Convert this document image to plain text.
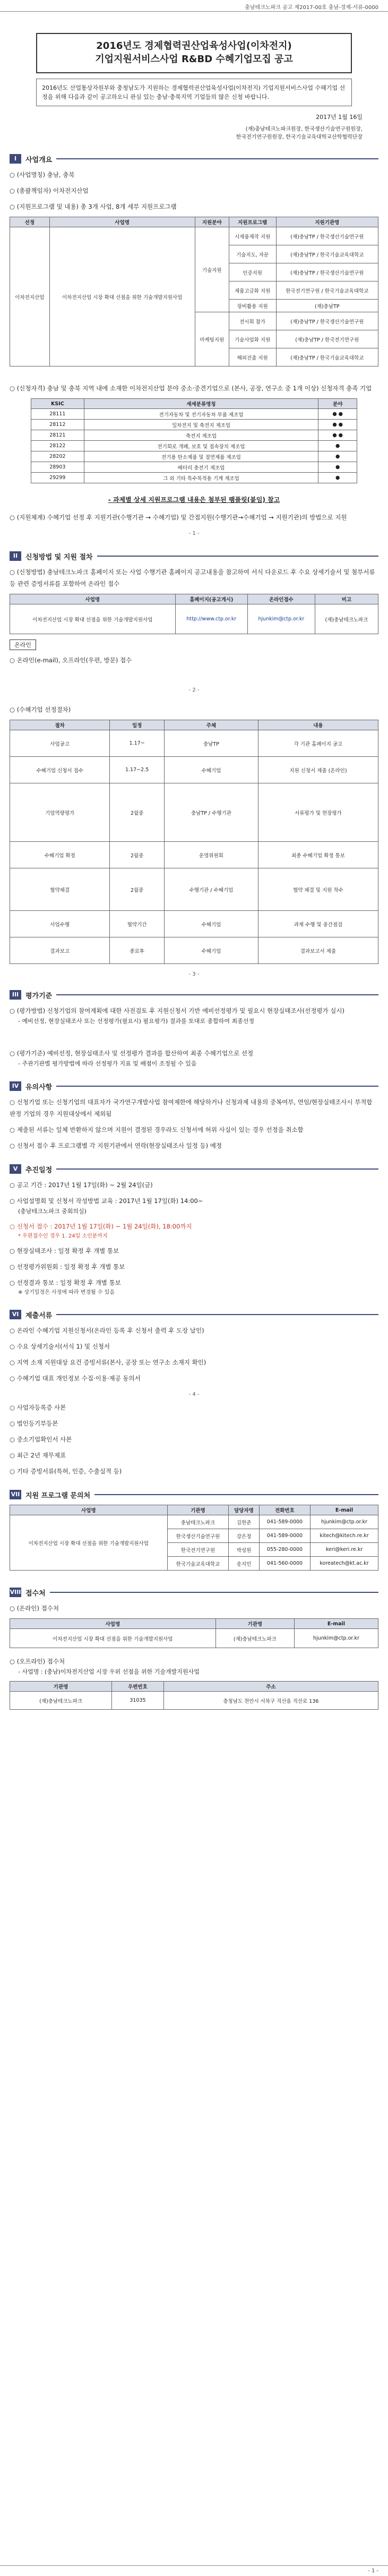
충남테크노파크 공고 제2017-00호 충남-경제-서류-0000
2016년도 경제협력권산업육성사업(이차전지)
기업지원서비스사업 R&BD 수혜기업모집 공고
2016년도 산업통상자원부와 충청남도가 지원하는 경제협력권산업육성사업(이차전지) 기업지원서비스사업 수혜기업 선정을 위해 다음과 같이 공고하오니 관심 있는 충남·충북지역 기업들의 많은 신청 바랍니다.
2017년 1월 16일
(재)충남테크노파크원장, 한국생산기술연구원원장,
한국전기연구원원장, 한국기술교육대학교산학협력단장
I	사업개요
○ (사업명칭) 충남, 충북
○ (총괄책임자) 이차전지산업
○ (지원프로그램 및 내용) 총 3개 사업, 8개 세부 지원프로그램
선정	사업명	지원분야	지원프로그램	지원기관명
이차전지산업	이차전지산업 시장 확대 선점을 위한 기술개발지원사업	기술지원	시제품제작 지원	(재)충남TP / 한국생산기술연구원
			기술지도, 자문	(재)충남TP / 한국기술교육대학교
			인증지원	(재)충남TP / 한국생산기술연구원
			제품고급화 지원	한국전기연구원 / 한국기술교육대학교
			장비활용 지원	(재)충남TP
		마케팅지원	전시회 참가	(재)충남TP / 한국생산기술연구원
			기술사업화 지원	(재)충남TP / 한국전기연구원
			해외진출 지원	(재)충남TP / 한국기술교육대학교
○ (신청자격) 충남 및 충북 지역 내에 소재한 이차전지산업 분야 중소·중견기업으로 (본사, 공장, 연구소 중 1개 이상) 신청자격 충족 기업
KSIC	세세분류명칭	분야
28111	전기자동차 및 전기자동차 부품 제조업	● ●
28112	일차전지 및 축전지 제조업	● ●
28121	축전지 제조업	● ●
28122	전기회로 개폐, 보호 및 접속장치 제조업	●
28202	전기용 탄소제품 및 절연제품 제조업	●
28903	배터리 충전기 제조업	●
29299	그 외 기타 특수목적용 기계 제조업	●
- 과제별 상세 지원프로그램 내용은 첨부된 팸플릿(붙임) 참고
○ (지원체계) 수혜기업 선정 후 지원기관(수행기관 → 수혜기업) 및 간접지원(수행기관→수혜기업 → 지원기관)의 방법으로 지원
- 1 -
II	신청방법 및 지원 절차
○ (신청방법) 충남테크노파크 홈페이지 또는 사업 수행기관 홈페이지 공고내용을 참고하여 서식 다운로드 후 수요 상세기술서 및 첨부서류 등 관련 증빙서류를 포함하여 온라인 접수
사업명	홈페이지(공고게시)	온라인접수	비고
이차전지산업 시장 확대 선점을 위한 기술개발지원사업	http://www.ctp.or.kr	hjunkim@ctp.or.kr	(재)충남테크노파크
온라인
○ 온라인(e-mail), 오프라인(우편, 방문) 접수
- 2 -
○ (수혜기업 선정절차)
절차	일정	주체	내용
사업공고	1.17~	충남TP	각 기관 홈페이지 공고
수혜기업 신청서 접수	1.17~2.5	수혜기업	지원 신청서 제출 (온라인)
기업역량평가	2월중	충남TP / 수행기관	서류평가 및 현장평가
수혜기업 확정	2월중	운영위원회	최종 수혜기업 확정 통보
협약체결	2월중	수행기관 / 수혜기업	협약 체결 및 지원 착수
사업수행	협약기간	수혜기업	과제 수행 및 중간점검
결과보고	종료후	수혜기업	결과보고서 제출
- 3 -
III 평가기준
○ (평가방법) 신청기업의 참여계획에 대한 사전검토 후 지원신청서 기반 예비선정평가 및 필요시 현장실태조사(선정평가 실시)
- 예비선정, 현장실태조사 또는 선정평가(필요시) 필요평가) 결과를 토대로 종합하여 최종선정
○ (평가기준) 예비선정, 현장실태조사 및 선정평가 결과를 합산하여 최종 수혜기업으로 선정
- 주관기관별 평가방법에 따라 선정평가 지표 및 배점이 조정될 수 있음
IV 유의사항
○ 신청기업 또는 신청기업의 대표자가 국가연구개발사업 참여제한에 해당하거나 신청과제 내용의 중복여부, 연임/현장실태조사시 부적합 판정 기업의 경우 지원대상에서 제외됨
○ 제출된 서류는 일체 반환하지 않으며 지원이 결정된 경우라도 신청서에 허위 사실이 있는 경우 선정을 취소함
○ 신청서 접수 후 프로그램별 각 지원기관에서 연락(현장실태조사 일정 등) 예정
V	추진일정
○ 공고 기간 : 2017년 1월 17일(화) ~ 2월 24일(금)
○ 사업설명회 및 신청서 작성방법 교육 : 2017년 1월 17일(화) 14:00~
(충남테크노파크 중회의실)
○ 신청서 접수 : 2017년 1월 17일(화) ~ 1월 24일(화), 18:00까지
* 우편접수인 경우 1. 24일 소인분까지
○ 현장실태조사 : 일정 확정 후 개별 통보
○ 선정평가위원회 : 일정 확정 후 개별 통보
○ 선정결과 통보 : 일정 확정 후 개별 통보
※ 상기일정은 사정에 따라 변경될 수 있음
VI 제출서류
○ 온라인 수혜기업 지원신청서(온라인 등록 후 신청서 출력 후 도장 날인)
○ 수요 상세기술서(서식 1) 및 신청서
○ 지역 소재 지원대상 요건 증빙서류(본사, 공장 또는 연구소 소재지 확인)
○ 수혜기업 대표 개인정보 수집·이용·제공 동의서
- 4 -
○ 사업자등록증 사본
○ 법인등기부등본
○ 중소기업확인서 사본
○ 최근 2년 재무제표
○ 기타 증빙서류(특허, 인증, 수출실적 등)
VII 지원 프로그램 문의처
사업명	기관명	담당자명	전화번호	E-mail
이차전지산업 시장 확대 선점을 위한 기술개발지원사업	충남테크노파크	김현준	041-589-0000	hjunkim@ctp.or.kr
	한국생산기술연구원	강은정	041-589-0000	kitech@kitech.re.kr
	한국전기연구원	박성원	055-280-0000	keri@keri.re.kr
	한국기술교육대학교	송지민	041-560-0000	koreatech@kt.ac.kr
VIII 접수처
○ (온라인) 접수처
사업명	기관명	E-mail
이차전지산업 시장 확대 선점을 위한 기술개발지원사업	(재)충남테크노파크	hjunkim@ctp.or.kr
○ (오프라인) 접수처
- 사업명 : (충남)이차전지산업 시장 우위 선점을 위한 기술개발지원사업
기관명	우편번호	주소
(재)충남테크노파크	31035	충청남도 천안시 서북구 직산읍 직산로 136
- 1 -
